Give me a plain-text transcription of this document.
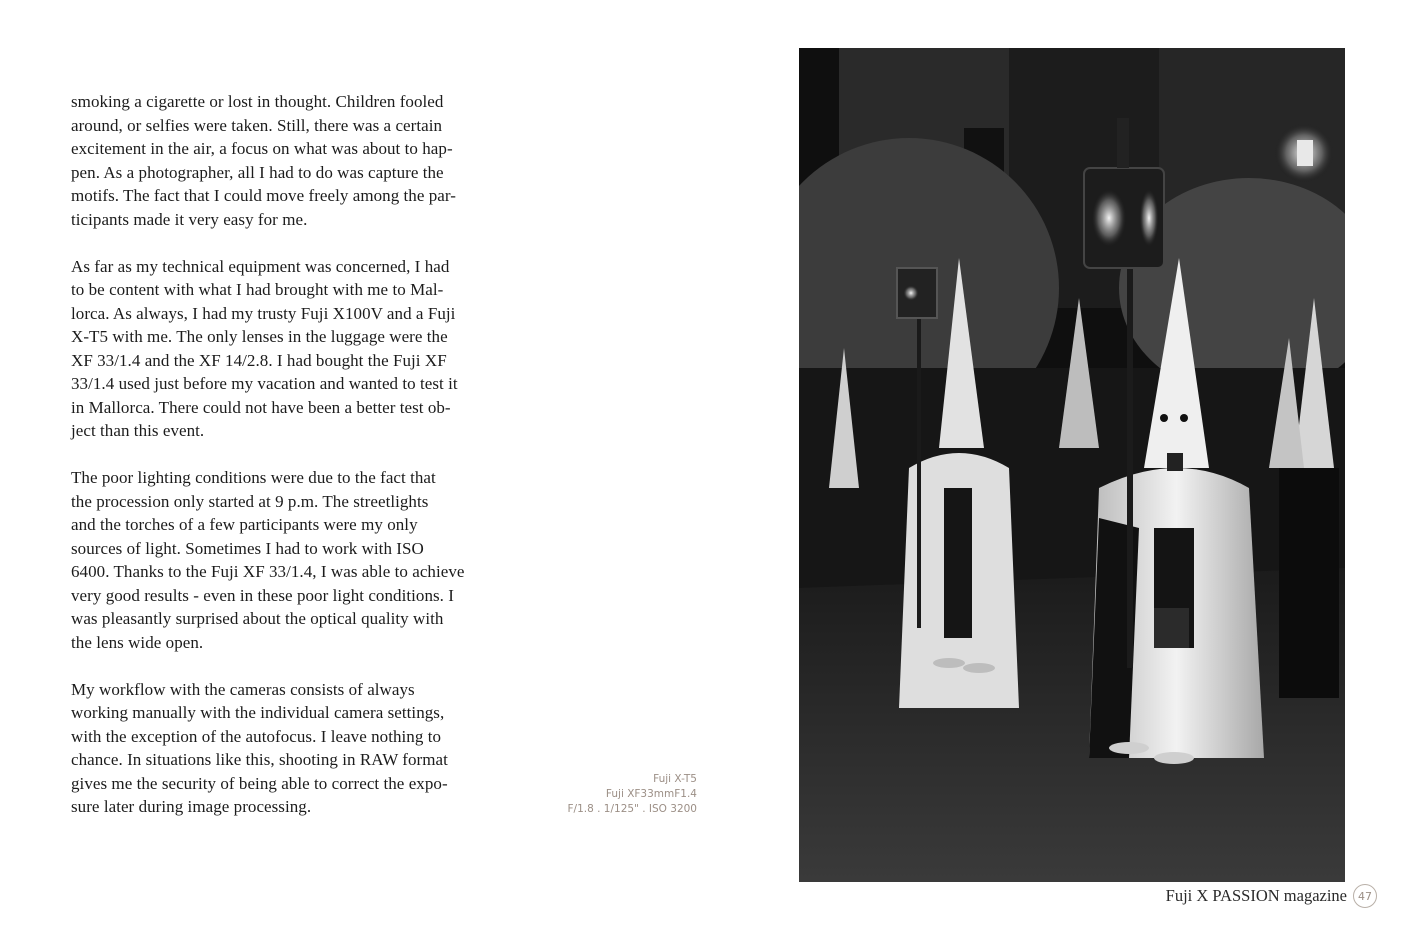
smoking a cigarette or lost in thought. Children fooled
around, or selfies were taken. Still, there was a certain
excitement in the air, a focus on what was about to hap-
pen. As a photographer, all I had to do was capture the
motifs. The fact that I could move freely among the par-
ticipants made it very easy for me.

As far as my technical equipment was concerned, I had
to be content with what I had brought with me to Mal-
lorca. As always, I had my trusty Fuji X100V and a Fuji
X-T5 with me. The only lenses in the luggage were the
XF 33/1.4 and the XF 14/2.8. I had bought the Fuji XF
33/1.4 used just before my vacation and wanted to test it
in Mallorca. There could not have been a better test ob-
ject than this event.

The poor lighting conditions were due to the fact that
the procession only started at 9 p.m. The streetlights
and the torches of a few participants were my only
sources of light. Sometimes I had to work with ISO
6400. Thanks to the Fuji XF 33/1.4, I was able to achieve
very good results - even in these poor light conditions. I
was pleasantly surprised about the optical quality with
the lens wide open.

My workflow with the cameras consists of always
working manually with the individual camera settings,
with the exception of the autofocus. I leave nothing to
chance. In situations like this, shooting in RAW format
gives me the security of being able to correct the expo-
sure later during image processing.

Fuji X-T5
Fuji XF33mmF1.4
F/1.8 . 1/125" . ISO 3200
Fuji X PASSION magazine	47
